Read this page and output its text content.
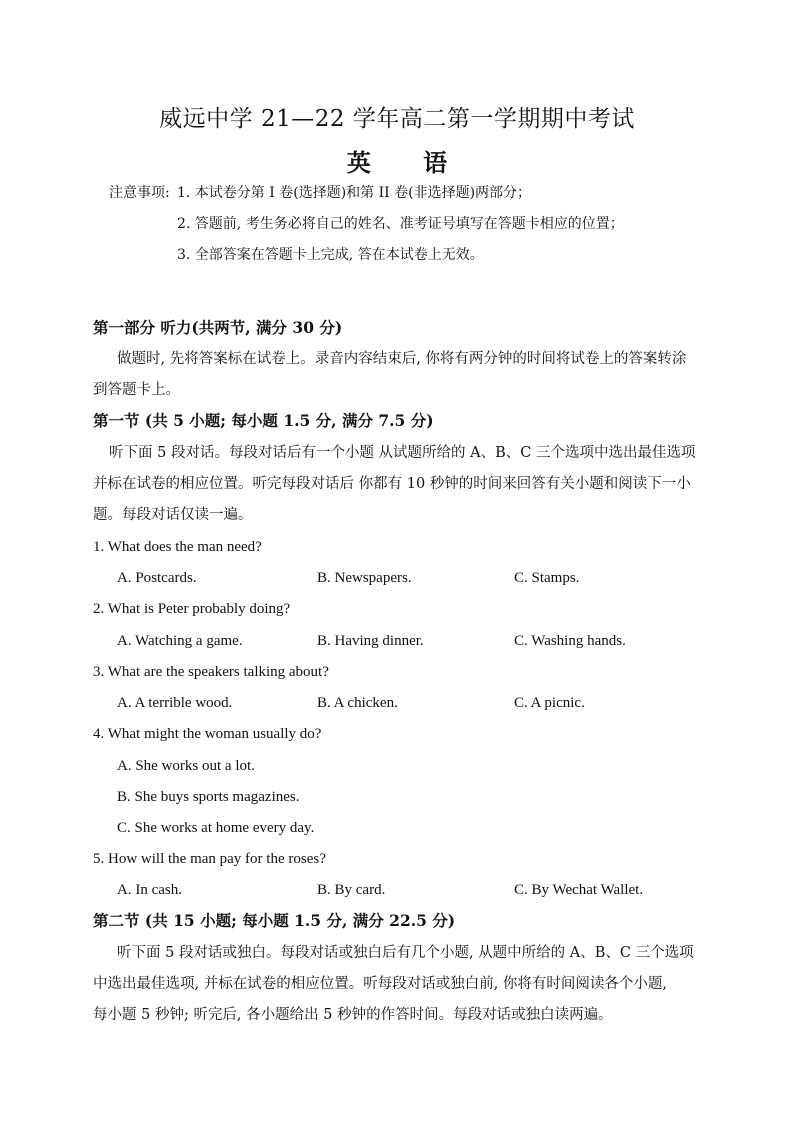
威远中学 21—22 学年高二第一学期期中考试
英 语
注意事项: 1. 本试卷分第 I 卷(选择题)和第 II 卷(非选择题)两部分；
2. 答题前, 考生务必将自己的姓名、准考证号填写在答题卡相应的位置；
3. 全部答案在答题卡上完成, 答在本试卷上无效。
第一部分 听力(共两节, 满分 30 分)
做题时, 先将答案标在试卷上。录音内容结束后, 你将有两分钟的时间将试卷上的答案转涂
到答题卡上。
第一节 (共 5 小题; 每小题 1.5 分, 满分 7.5 分)
听下面 5 段对话。每段对话后有一个小题 从试题所给的 A、B、C 三个选项中选出最佳选项
并标在试卷的相应位置。听完每段对话后 你都有 10 秒钟的时间来回答有关小题和阅读下一小
题。每段对话仅读一遍。
1. What does the man need?
A. Postcards.	B. Newspapers.	C. Stamps.
2. What is Peter probably doing?
A. Watching a game.	B. Having dinner.	C. Washing hands.
3. What are the speakers talking about?
A. A terrible wood.	B. A chicken.	C. A picnic.
4. What might the woman usually do?
A. She works out a lot.
B. She buys sports magazines.
C. She works at home every day.
5. How will the man pay for the roses?
A. In cash.	B. By card.	C. By Wechat Wallet.
第二节 (共 15 小题; 每小题 1.5 分, 满分 22.5 分)
听下面 5 段对话或独白。每段对话或独白后有几个小题, 从题中所给的 A、B、C 三个选项
中选出最佳选项, 并标在试卷的相应位置。听每段对话或独白前, 你将有时间阅读各个小题,
每小题 5 秒钟; 听完后, 各小题给出 5 秒钟的作答时间。每段对话或独白读两遍。
